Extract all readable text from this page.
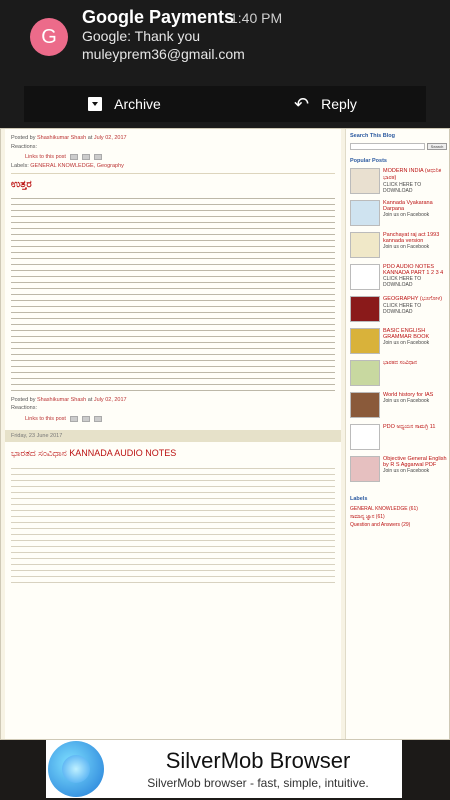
G
Google Payments
1:40 PM
Google: Thank you
muleyprem36@gmail.com
Archive	↶ Reply
Posted by Shashikumar Shash at July 02, 2017
Reactions:
Links to this post
Labels: GENERAL KNOWLEDGE, Geography
ಉತ್ತರ
Posted by Shashikumar Shash at July 02, 2017
Reactions:
Links to this post
Friday, 23 June 2017
ಭಾರತದ ಸಂವಿಧಾನ KANNADA AUDIO NOTES
Search This Blog
Search
Popular Posts
MODERN INDIA (ಆಧುನಿಕ ಭಾರತ)
CLICK HERE TO DOWNLOAD
Kannada Vyakarana Darpana
Join us on Facebook
Panchayat raj act 1993 kannada version
Join us on Facebook
PDO AUDIO NOTES KANNADA PART 1 2 3 4
CLICK HERE TO DOWNLOAD
GEOGRAPHY (ಭೂಗೋಳ)
CLICK HERE TO DOWNLOAD
BASIC ENGLISH GRAMMAR BOOK
Join us on Facebook
ಭಾರತದ ಸಂವಿಧಾನ
World history for IAS
Join us on Facebook
PDO ಅಧ್ಯಯನ ಸಾಮಗ್ರಿ 11
Objective General English by R S Aggarwal PDF
Join us on Facebook
Labels
GENERAL KNOWLEDGE (61)
ಸಾಮಾನ್ಯ ಜ್ಞಾನ (61)
Question and Answers (29)
SilverMob Browser
SilverMob browser - fast, simple, intuitive.
